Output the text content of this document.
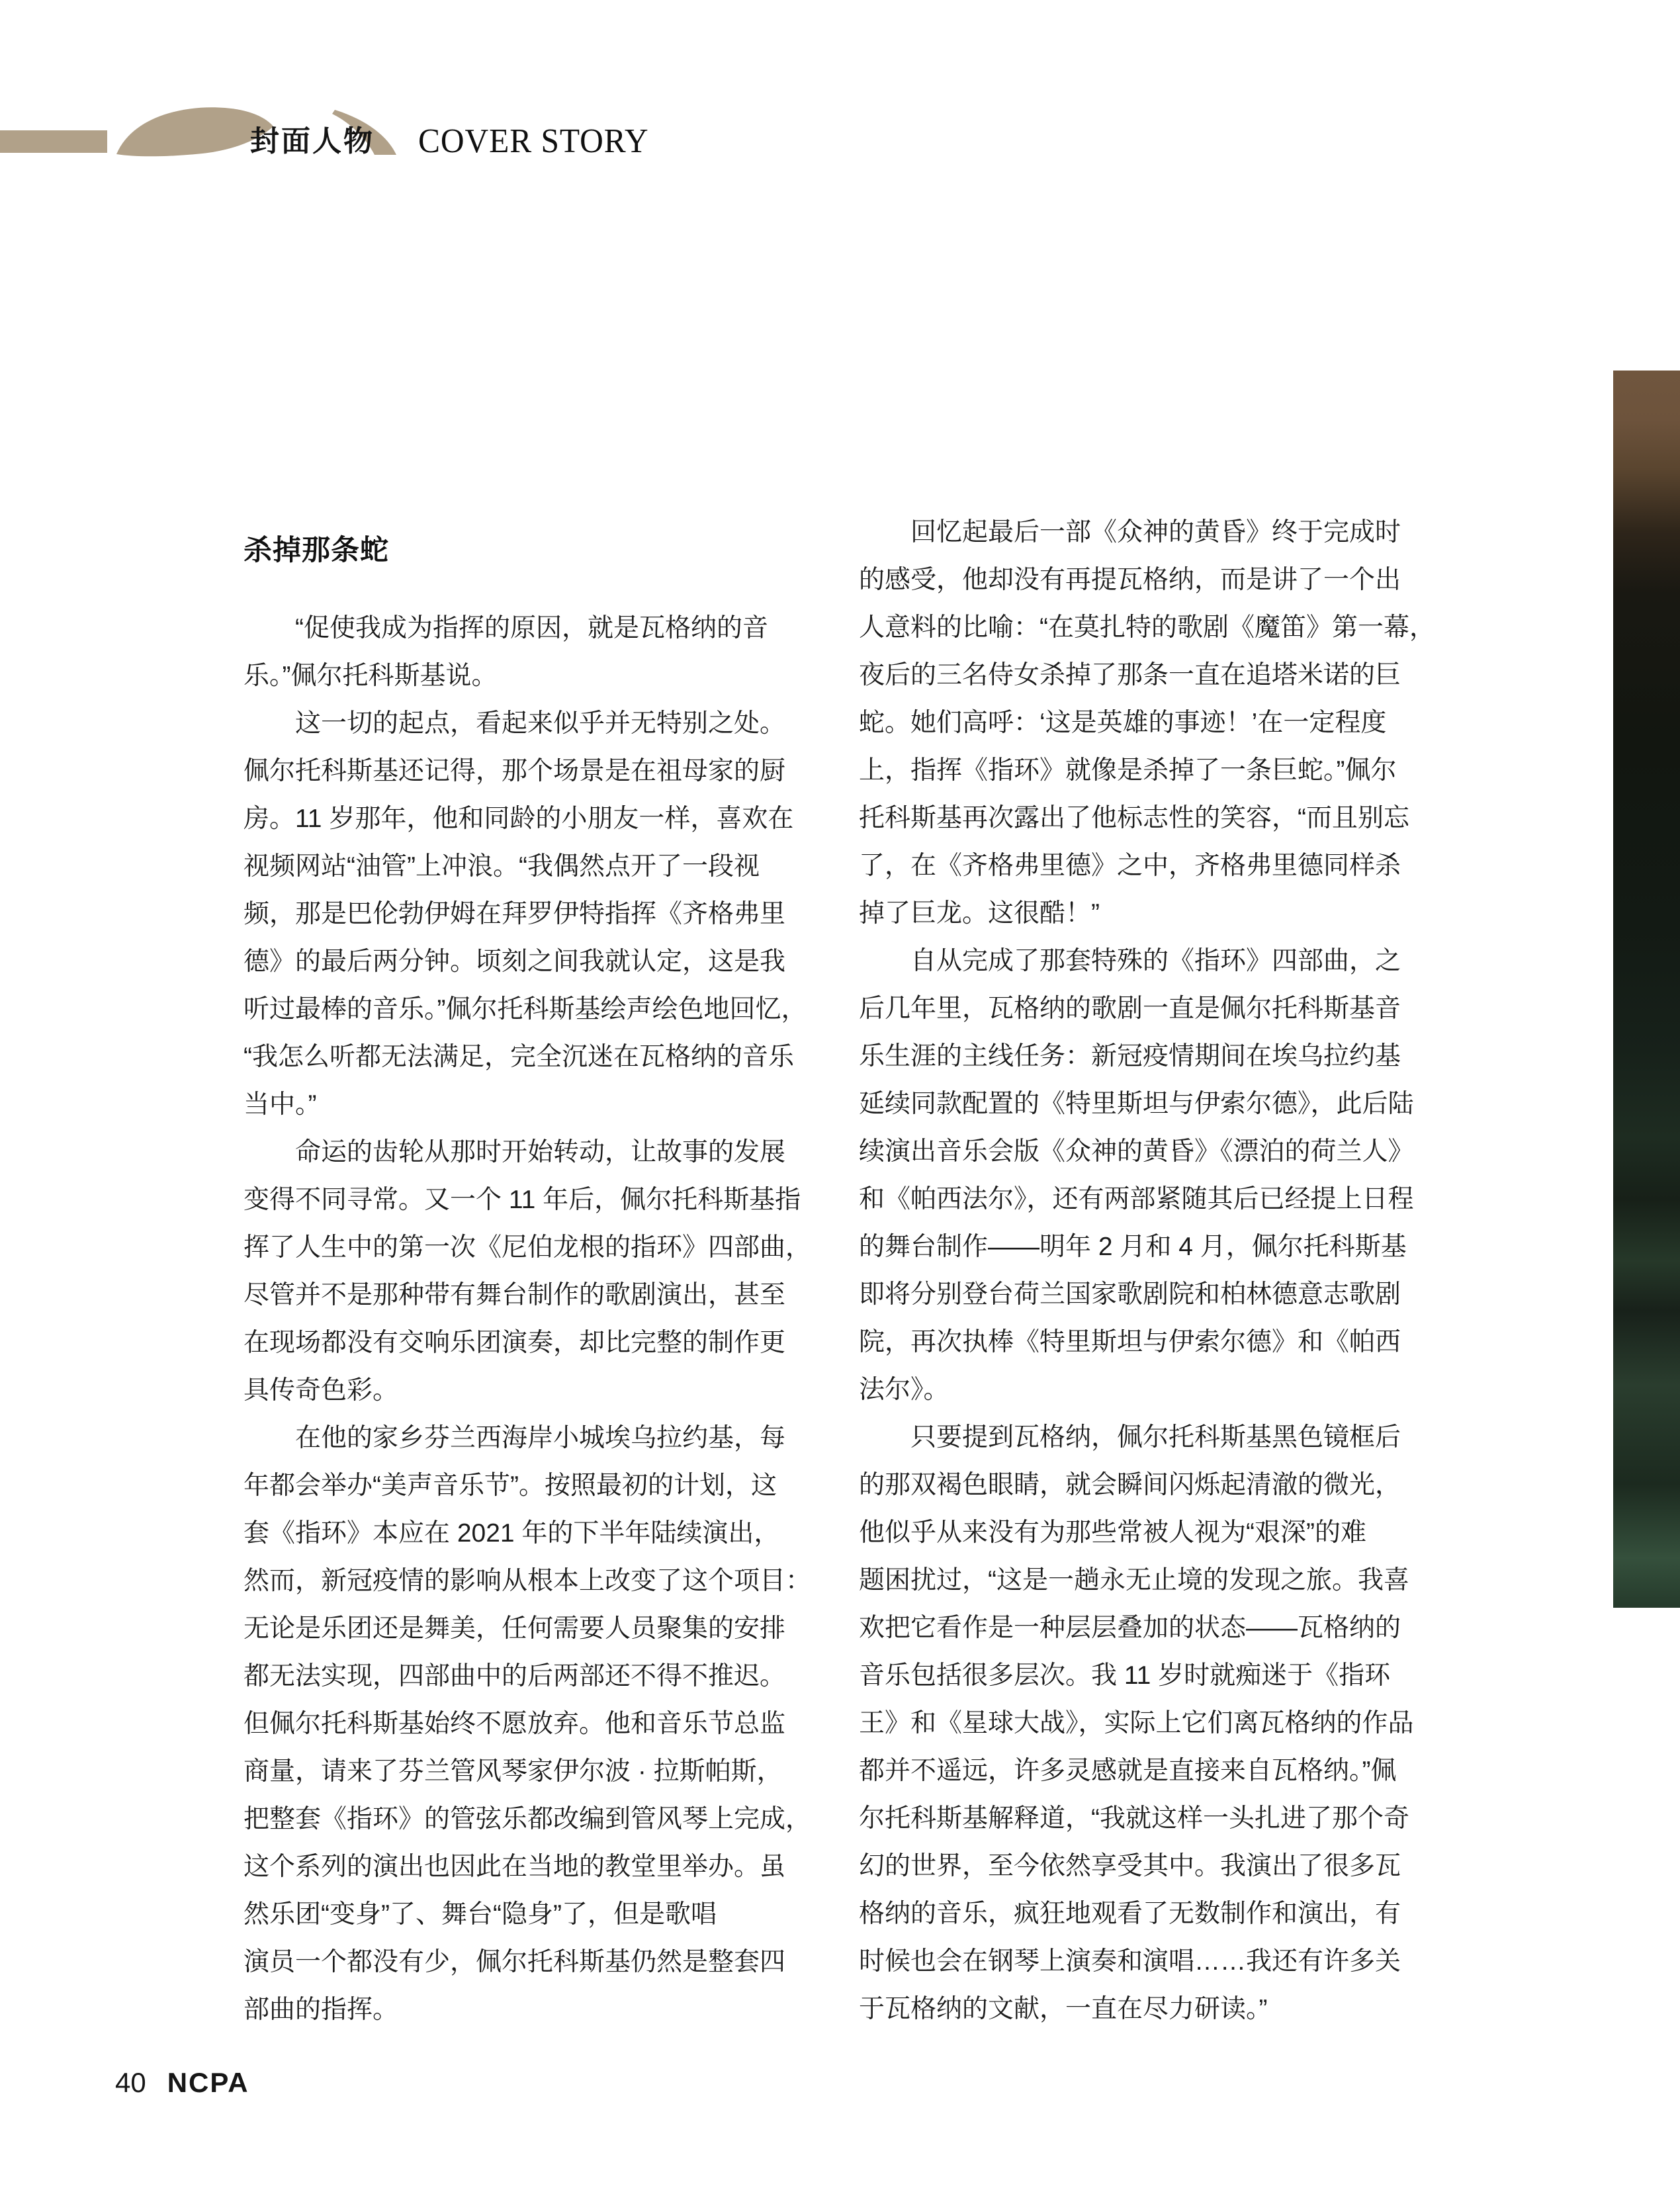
封面人物 COVER STORY
杀掉那条蛇
　　“促使我成为指挥的原因，就是瓦格纳的音
乐。”佩尔托科斯基说。
　　这一切的起点，看起来似乎并无特别之处。
佩尔托科斯基还记得，那个场景是在祖母家的厨
房。11 岁那年，他和同龄的小朋友一样，喜欢在
视频网站“油管”上冲浪。“我偶然点开了一段视
频，那是巴伦勃伊姆在拜罗伊特指挥《齐格弗里
德》的最后两分钟。顷刻之间我就认定，这是我
听过最棒的音乐。”佩尔托科斯基绘声绘色地回忆，
“我怎么听都无法满足，完全沉迷在瓦格纳的音乐
当中。”
　　命运的齿轮从那时开始转动，让故事的发展
变得不同寻常。又一个 11 年后，佩尔托科斯基指
挥了人生中的第一次《尼伯龙根的指环》四部曲，
尽管并不是那种带有舞台制作的歌剧演出，甚至
在现场都没有交响乐团演奏，却比完整的制作更
具传奇色彩。
　　在他的家乡芬兰西海岸小城埃乌拉约基，每
年都会举办“美声音乐节”。按照最初的计划，这
套《指环》本应在 2021 年的下半年陆续演出，
然而，新冠疫情的影响从根本上改变了这个项目：
无论是乐团还是舞美，任何需要人员聚集的安排
都无法实现，四部曲中的后两部还不得不推迟。
但佩尔托科斯基始终不愿放弃。他和音乐节总监
商量，请来了芬兰管风琴家伊尔波 · 拉斯帕斯，
把整套《指环》的管弦乐都改编到管风琴上完成，
这个系列的演出也因此在当地的教堂里举办。虽
然乐团“变身”了、舞台“隐身”了，但是歌唱
演员一个都没有少，佩尔托科斯基仍然是整套四
部曲的指挥。
　　回忆起最后一部《众神的黄昏》终于完成时
的感受，他却没有再提瓦格纳，而是讲了一个出
人意料的比喻：“在莫扎特的歌剧《魔笛》第一幕，
夜后的三名侍女杀掉了那条一直在追塔米诺的巨
蛇。她们高呼：‘这是英雄的事迹！’在一定程度
上，指挥《指环》就像是杀掉了一条巨蛇。”佩尔
托科斯基再次露出了他标志性的笑容，“而且别忘
了，在《齐格弗里德》之中，齐格弗里德同样杀
掉了巨龙。这很酷！”
　　自从完成了那套特殊的《指环》四部曲，之
后几年里，瓦格纳的歌剧一直是佩尔托科斯基音
乐生涯的主线任务：新冠疫情期间在埃乌拉约基
延续同款配置的《特里斯坦与伊索尔德》，此后陆
续演出音乐会版《众神的黄昏》《漂泊的荷兰人》
和《帕西法尔》，还有两部紧随其后已经提上日程
的舞台制作——明年 2 月和 4 月，佩尔托科斯基
即将分别登台荷兰国家歌剧院和柏林德意志歌剧
院，再次执棒《特里斯坦与伊索尔德》和《帕西
法尔》。
　　只要提到瓦格纳，佩尔托科斯基黑色镜框后
的那双褐色眼睛，就会瞬间闪烁起清澈的微光，
他似乎从来没有为那些常被人视为“艰深”的难
题困扰过，“这是一趟永无止境的发现之旅。我喜
欢把它看作是一种层层叠加的状态——瓦格纳的
音乐包括很多层次。我 11 岁时就痴迷于《指环
王》和《星球大战》，实际上它们离瓦格纳的作品
都并不遥远，许多灵感就是直接来自瓦格纳。”佩
尔托科斯基解释道，“我就这样一头扎进了那个奇
幻的世界，至今依然享受其中。我演出了很多瓦
格纳的音乐，疯狂地观看了无数制作和演出，有
时候也会在钢琴上演奏和演唱……我还有许多关
于瓦格纳的文献，一直在尽力研读。”
40 NCPA
